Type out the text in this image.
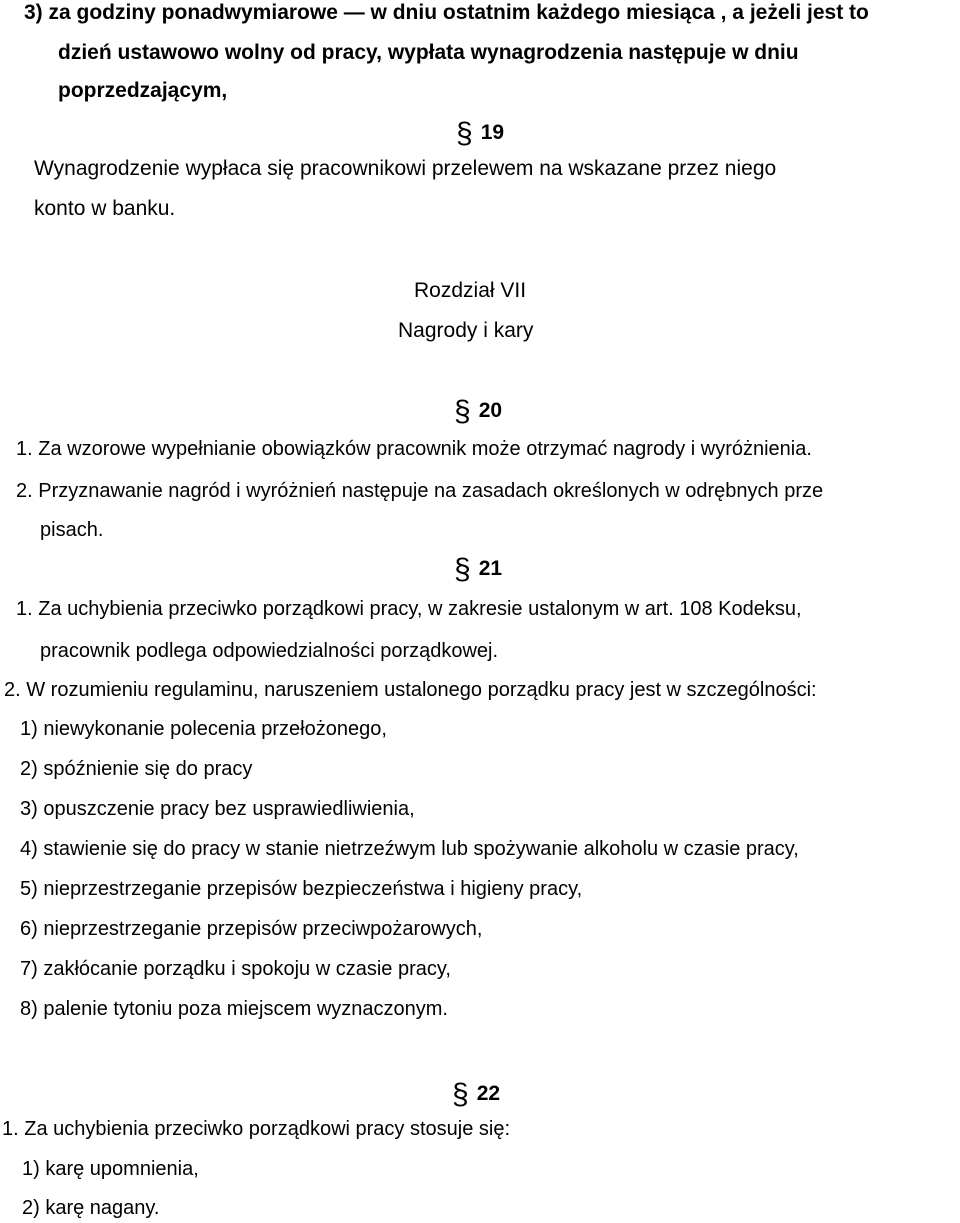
3) za godziny ponadwymiarowe — w dniu ostatnim każdego miesiąca , a jeżeli jest to
dzień ustawowo wolny od pracy, wypłata wynagrodzenia następuje w dniu
poprzedzającym,
§ 19
Wynagrodzenie wypłaca się pracownikowi przelewem na wskazane przez niego
konto w banku.
Rozdział VII
Nagrody i kary
§ 20
1. Za wzorowe wypełnianie obowiązków pracownik może otrzymać nagrody i wyróżnienia.
2. Przyznawanie nagród i wyróżnień następuje na zasadach określonych w odrębnych prze
pisach.
§ 21
1. Za uchybienia przeciwko porządkowi pracy, w zakresie ustalonym w art. 108 Kodeksu,
pracownik podlega odpowiedzialności porządkowej.
2. W rozumieniu regulaminu, naruszeniem ustalonego porządku pracy jest w szczególności:
1) niewykonanie polecenia przełożonego,
2) spóźnienie się do pracy
3) opuszczenie pracy bez usprawiedliwienia,
4) stawienie się do pracy w stanie nietrzeźwym lub spożywanie alkoholu w czasie pracy,
5) nieprzestrzeganie przepisów bezpieczeństwa i higieny pracy,
6) nieprzestrzeganie przepisów przeciwpożarowych,
7) zakłócanie porządku i spokoju w czasie pracy,
8) palenie tytoniu poza miejscem wyznaczonym.
§ 22
1. Za uchybienia przeciwko porządkowi pracy stosuje się:
1) karę upomnienia,
2) karę nagany.
